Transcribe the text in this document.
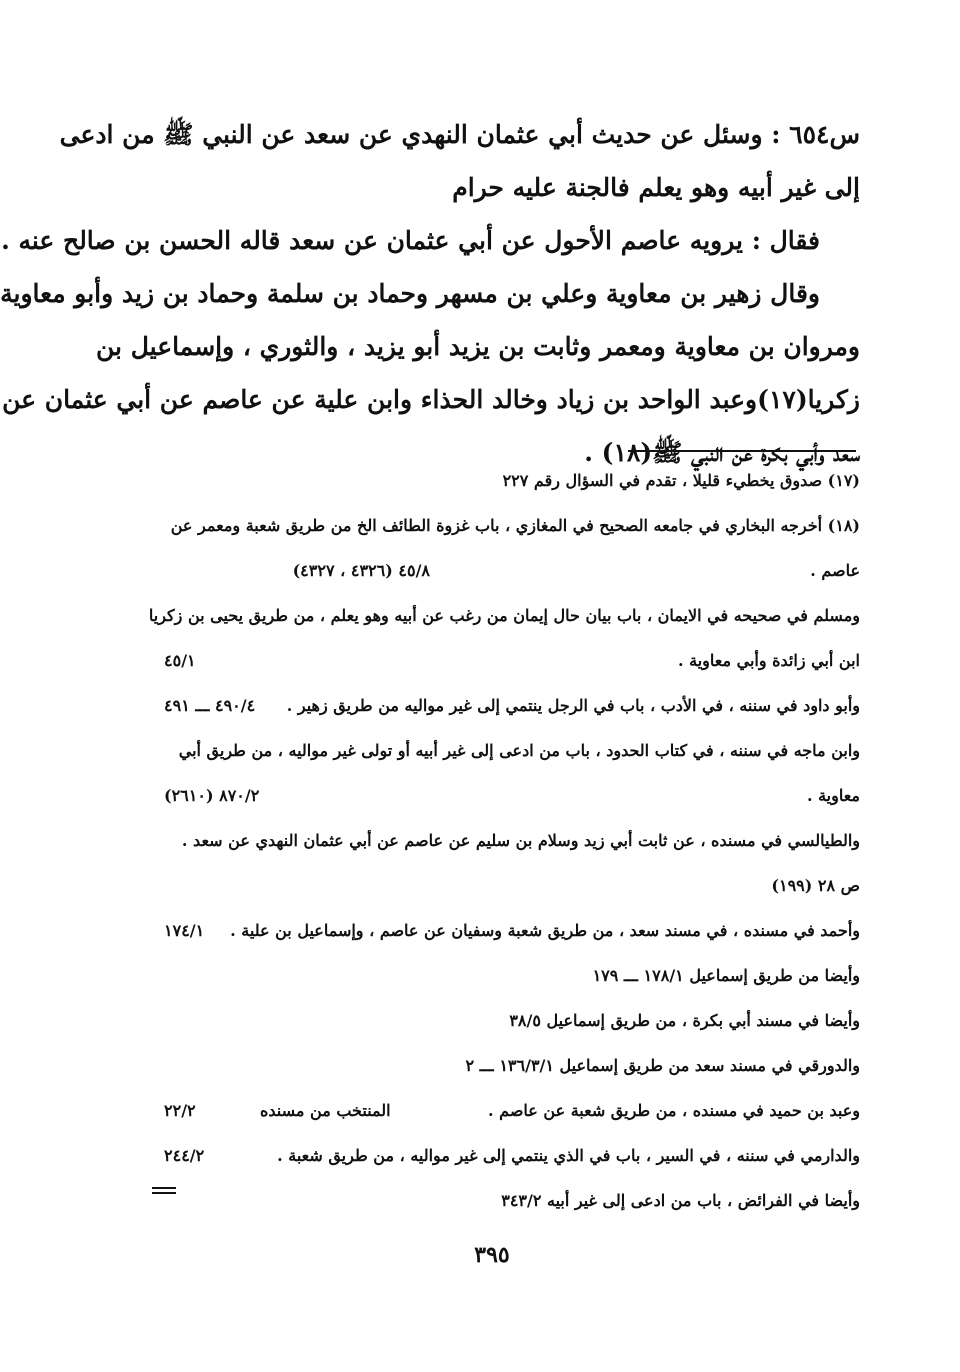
س٦٥٤ : وسئل عن حديث أبي عثمان النهدي عن سعد عن النبي ﷺ من ادعى
إلى غير أبيه وهو يعلم فالجنة عليه حرام
فقال : يرويه عاصم الأحول عن أبي عثمان عن سعد قاله الحسن بن صالح عنه .
وقال زهير بن معاوية وعلي بن مسهر وحماد بن سلمة وحماد بن زيد وأبو معاوية
ومروان بن معاوية ومعمر وثابت بن يزيد أبو يزيد ، والثوري ، وإسماعيل بن
زكريا(١٧)وعبد الواحد بن زياد وخالد الحذاء وابن علية عن عاصم عن أبي عثمان عن
سعد وأبي بكرة عن النبي ﷺ(١٨) .
(١٧) صدوق يخطيء قليلا ، تقدم في السؤال رقم ٢٢٧
(١٨) أخرجه البخاري في جامعه الصحيح في المغازي ، باب غزوة الطائف الخ من طريق شعبة ومعمر عن
عاصم .
٤٥/٨ (٤٣٢٦ ، ٤٣٢٧)
ومسلم في صحيحه في الايمان ، باب بيان حال إيمان من رغب عن أبيه وهو يعلم ، من طريق يحيى بن زكريا
ابن أبي زائدة وأبي معاوية .
٤٥/١
وأبو داود في سننه ، في الأدب ، باب في الرجل ينتمي إلى غير مواليه من طريق زهير .
٤٩٠/٤ ـــ ٤٩١
وابن ماجه في سننه ، في كتاب الحدود ، باب من ادعى إلى غير أبيه أو تولى غير مواليه ، من طريق أبي
معاوية .
٨٧٠/٢ (٢٦١٠)
والطيالسي في مسنده ، عن ثابت أبي زيد وسلام بن سليم عن عاصم عن أبي عثمان النهدي عن سعد .
ص ٢٨ (١٩٩)
وأحمد في مسنده ، في مسند سعد ، من طريق شعبة وسفيان عن عاصم ، وإسماعيل بن علية .
١٧٤/١
وأيضا من طريق إسماعيل ١٧٨/١ ـــ ١٧٩
وأيضا في مسند أبي بكرة ، من طريق إسماعيل ٣٨/٥
والدورقي في مسند سعد من طريق إسماعيل ١٣٦/٣/١ ـــ ٢
وعبد بن حميد في مسنده ، من طريق شعبة عن عاصم .
المنتخب من مسنده
٢٢/٢
والدارمي في سننه ، في السير ، باب في الذي ينتمي إلى غير مواليه ، من طريق شعبة .
٢٤٤/٢
وأيضا في الفرائض ، باب من ادعى إلى غير أبيه ٣٤٣/٢
٣٩٥
